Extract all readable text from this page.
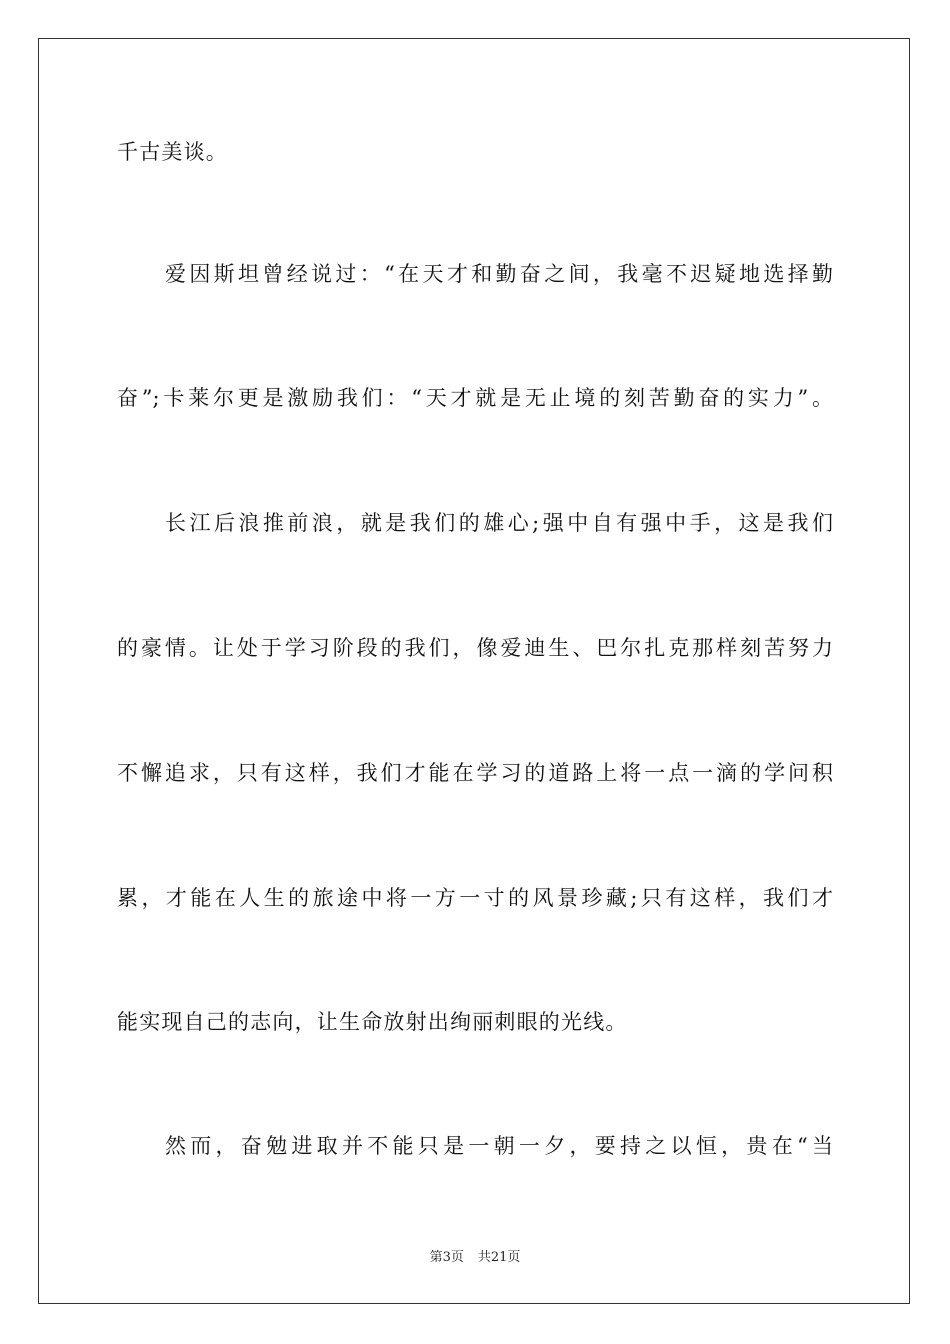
千古美谈。
爱因斯坦曾经说过：“在天才和勤奋之间，我毫不迟疑地选择勤
奋”;卡莱尔更是激励我们：“天才就是无止境的刻苦勤奋的实力”。
长江后浪推前浪，就是我们的雄心;强中自有强中手，这是我们
的豪情。让处于学习阶段的我们，像爱迪生、巴尔扎克那样刻苦努力
不懈追求，只有这样，我们才能在学习的道路上将一点一滴的学问积
累，才能在人生的旅途中将一方一寸的风景珍藏;只有这样，我们才
能实现自己的志向，让生命放射出绚丽刺眼的光线。
然而，奋勉进取并不能只是一朝一夕，要持之以恒，贵在“当
第3页 共21页
